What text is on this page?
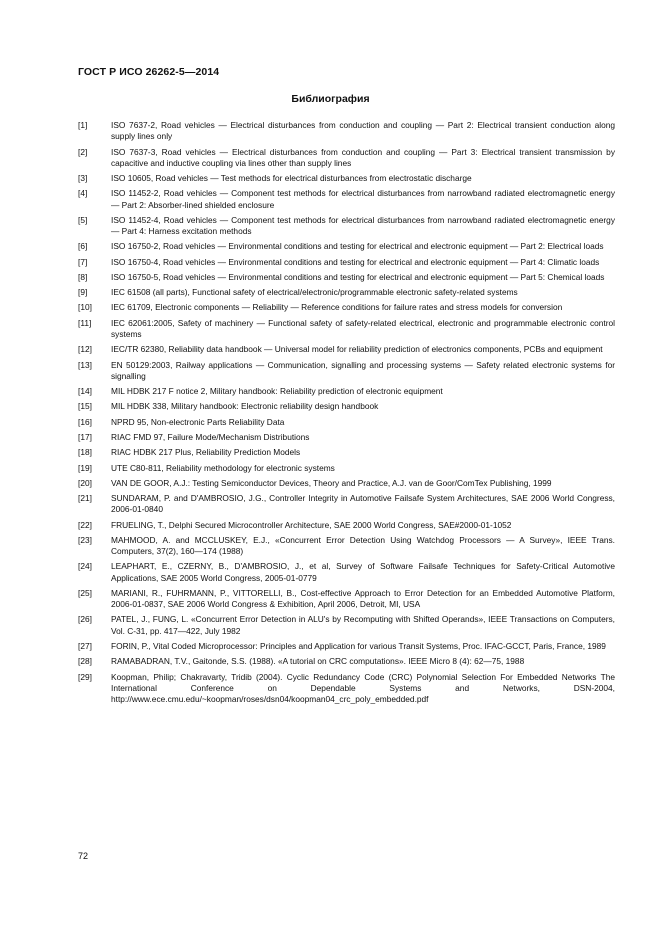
ГОСТ Р ИСО 26262-5—2014
Библиография
[1]	ISO 7637-2, Road vehicles — Electrical disturbances from conduction and coupling — Part 2: Electrical transient conduction along supply lines only
[2]	ISO 7637-3, Road vehicles — Electrical disturbances from conduction and coupling — Part 3: Electrical transient transmission by capacitive and inductive coupling via lines other than supply lines
[3]	ISO 10605, Road vehicles — Test methods for electrical disturbances from electrostatic discharge
[4]	ISO 11452-2, Road vehicles — Component test methods for electrical disturbances from narrowband radiated electromagnetic energy — Part 2: Absorber-lined shielded enclosure
[5]	ISO 11452-4, Road vehicles — Component test methods for electrical disturbances from narrowband radiated electromagnetic energy — Part 4: Harness excitation methods
[6]	ISO 16750-2, Road vehicles — Environmental conditions and testing for electrical and electronic equipment — Part 2: Electrical loads
[7]	ISO 16750-4, Road vehicles — Environmental conditions and testing for electrical and electronic equipment — Part 4: Climatic loads
[8]	ISO 16750-5, Road vehicles — Environmental conditions and testing for electrical and electronic equipment — Part 5: Chemical loads
[9]	IEC 61508 (all parts), Functional safety of electrical/electronic/programmable electronic safety-related systems
[10]	IEC 61709, Electronic components — Reliability — Reference conditions for failure rates and stress models for conversion
[11]	IEC 62061:2005, Safety of machinery — Functional safety of safety-related electrical, electronic and programmable electronic control systems
[12]	IEC/TR 62380, Reliability data handbook — Universal model for reliability prediction of electronics components, PCBs and equipment
[13]	EN 50129:2003, Railway applications — Communication, signalling and processing systems — Safety related electronic systems for signalling
[14]	MIL HDBK 217 F notice 2, Military handbook: Reliability prediction of electronic equipment
[15]	MIL HDBK 338, Military handbook: Electronic reliability design handbook
[16]	NPRD 95, Non-electronic Parts Reliability Data
[17]	RIAC FMD 97, Failure Mode/Mechanism Distributions
[18]	RIAC HDBK 217 Plus, Reliability Prediction Models
[19]	UTE C80-811, Reliability methodology for electronic systems
[20]	VAN DE GOOR, A.J.: Testing Semiconductor Devices, Theory and Practice, A.J. van de Goor/ComTex Publishing, 1999
[21]	SUNDARAM, P. and D'AMBROSIO, J.G., Controller Integrity in Automotive Failsafe System Architectures, SAE 2006 World Congress, 2006-01-0840
[22]	FRUELING, T., Delphi Secured Microcontroller Architecture, SAE 2000 World Congress, SAE#2000-01-1052
[23]	MAHMOOD, A. and MCCLUSKEY, E.J., «Concurrent Error Detection Using Watchdog Processors — A Survey», IEEE Trans. Computers, 37(2), 160—174 (1988)
[24]	LEAPHART, E., CZERNY, B., D'AMBROSIO, J., et al, Survey of Software Failsafe Techniques for Safety-Critical Automotive Applications, SAE 2005 World Congress, 2005-01-0779
[25]	MARIANI, R., FUHRMANN, P., VITTORELLI, B., Cost-effective Approach to Error Detection for an Embedded Automotive Platform, 2006-01-0837, SAE 2006 World Congress & Exhibition, April 2006, Detroit, MI, USA
[26]	PATEL, J., FUNG, L. «Concurrent Error Detection in ALU's by Recomputing with Shifted Operands», IEEE Transactions on Computers, Vol. C-31, pp. 417—422, July 1982
[27]	FORIN, P., Vital Coded Microprocessor: Principles and Application for various Transit Systems, Proc. IFAC-GCCT, Paris, France, 1989
[28]	RAMABADRAN, T.V., Gaitonde, S.S. (1988). «A tutorial on CRC computations». IEEE Micro 8 (4): 62—75, 1988
[29]	Koopman, Philip; Chakravarty, Tridib (2004). Cyclic Redundancy Code (CRC) Polynomial Selection For Embedded Networks The International Conference on Dependable Systems and Networks, DSN-2004, http://www.ece.cmu.edu/~koopman/roses/dsn04/koopman04_crc_poly_embedded.pdf
72
